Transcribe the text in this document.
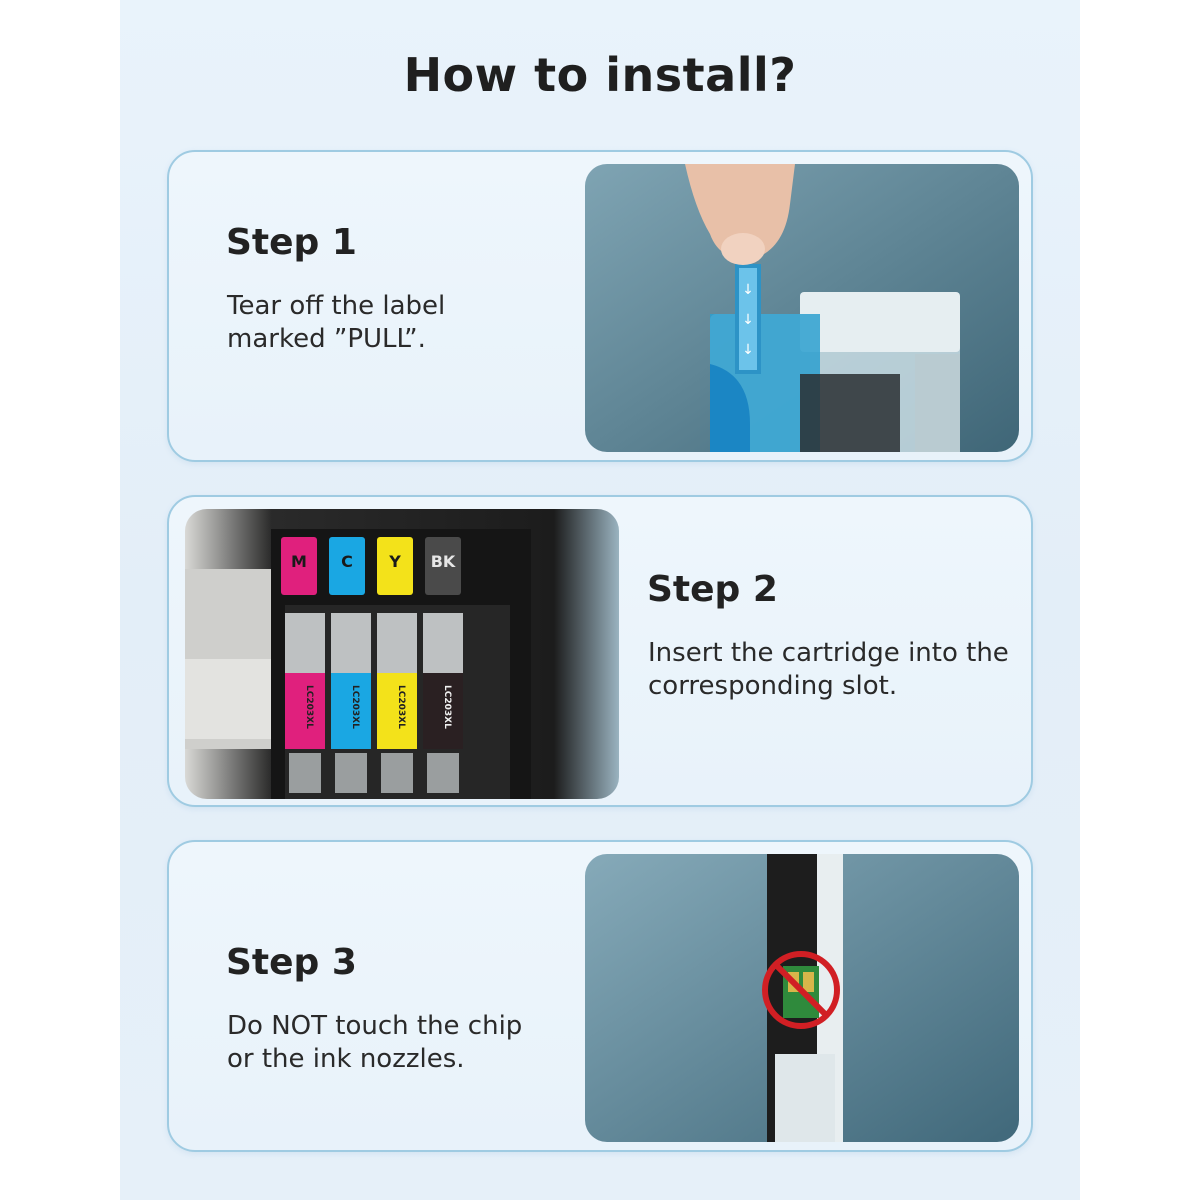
How to install?
Step 1
Tear off the label
marked ”PULL”.
↓
↓
↓
M C Y BK
LC203XL	LC203XL	LC203XL	LC203XL
Step 2
Insert the cartridge into the
corresponding slot.
Step 3
Do NOT touch the chip
or the ink nozzles.
